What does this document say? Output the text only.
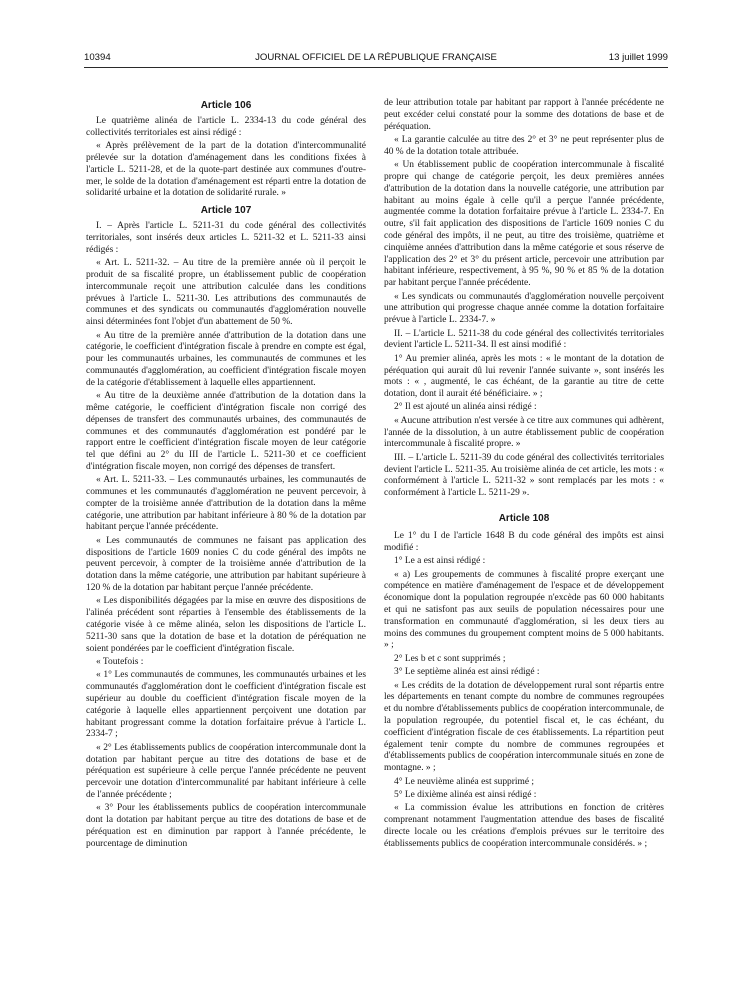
10394	JOURNAL OFFICIEL DE LA RÉPUBLIQUE FRANÇAISE	13 juillet 1999
Article 106

Le quatrième alinéa de l'article L. 2334-13 du code général des collectivités territoriales est ainsi rédigé :

« Après prélèvement de la part de la dotation d'intercommunalité prélevée sur la dotation d'aménagement dans les conditions fixées à l'article L. 5211-28, et de la quote-part destinée aux communes d'outre-mer, le solde de la dotation d'aménagement est réparti entre la dotation de solidarité urbaine et la dotation de solidarité rurale. »

Article 107

I. – Après l'article L. 5211-31 du code général des collectivités territoriales, sont insérés deux articles L. 5211-32 et L. 5211-33 ainsi rédigés :

« Art. L. 5211-32. – Au titre de la première année où il perçoit le produit de sa fiscalité propre, un établissement public de coopération intercommunale reçoit une attribution calculée dans les conditions prévues à l'article L. 5211-30. Les attributions des communautés de communes et des syndicats ou communautés d'agglomération nouvelle ainsi déterminées font l'objet d'un abattement de 50 %.

« Au titre de la première année d'attribution de la dotation dans une catégorie, le coefficient d'intégration fiscale à prendre en compte est égal, pour les communautés urbaines, les communautés de communes et les communautés d'agglomération, au coefficient d'intégration fiscale moyen de la catégorie d'établissement à laquelle elles appartiennent.

« Au titre de la deuxième année d'attribution de la dotation dans la même catégorie, le coefficient d'intégration fiscale non corrigé des dépenses de transfert des communautés urbaines, des communautés de communes et des communautés d'agglomération est pondéré par le rapport entre le coefficient d'intégration fiscale moyen de leur catégorie tel que défini au 2° du III de l'article L. 5211-30 et ce coefficient d'intégration fiscale moyen, non corrigé des dépenses de transfert.

« Art. L. 5211-33. – Les communautés urbaines, les communautés de communes et les communautés d'agglomération ne peuvent percevoir, à compter de la troisième année d'attribution de la dotation dans la même catégorie, une attribution par habitant inférieure à 80 % de la dotation par habitant perçue l'année précédente.

« Les communautés de communes ne faisant pas application des dispositions de l'article 1609 nonies C du code général des impôts ne peuvent percevoir, à compter de la troisième année d'attribution de la dotation dans la même catégorie, une attribution par habitant supérieure à 120 % de la dotation par habitant perçue l'année précédente.

« Les disponibilités dégagées par la mise en œuvre des dispositions de l'alinéa précédent sont réparties à l'ensemble des établissements de la catégorie visée à ce même alinéa, selon les dispositions de l'article L. 5211-30 sans que la dotation de base et la dotation de péréquation ne soient pondérées par le coefficient d'intégration fiscale.

« Toutefois :

« 1° Les communautés de communes, les communautés urbaines et les communautés d'agglomération dont le coefficient d'intégration fiscale est supérieur au double du coefficient d'intégration fiscale moyen de la catégorie à laquelle elles appartiennent perçoivent une dotation par habitant progressant comme la dotation forfaitaire prévue à l'article L. 2334-7 ;

« 2° Les établissements publics de coopération intercommunale dont la dotation par habitant perçue au titre des dotations de base et de péréquation est supérieure à celle perçue l'année précédente ne peuvent percevoir une dotation d'intercommunalité par habitant inférieure à celle de l'année précédente ;

« 3° Pour les établissements publics de coopération intercommunale dont la dotation par habitant perçue au titre des dotations de base et de péréquation est en diminution par rapport à l'année précédente, le pourcentage de diminution

de leur attribution totale par habitant par rapport à l'année précédente ne peut excéder celui constaté pour la somme des dotations de base et de péréquation.

« La garantie calculée au titre des 2° et 3° ne peut représenter plus de 40 % de la dotation totale attribuée.

« Un établissement public de coopération intercommunale à fiscalité propre qui change de catégorie perçoit, les deux premières années d'attribution de la dotation dans la nouvelle catégorie, une attribution par habitant au moins égale à celle qu'il a perçue l'année précédente, augmentée comme la dotation forfaitaire prévue à l'article L. 2334-7. En outre, s'il fait application des dispositions de l'article 1609 nonies C du code général des impôts, il ne peut, au titre des troisième, quatrième et cinquième années d'attribution dans la même catégorie et sous réserve de l'application des 2° et 3° du présent article, percevoir une attribution par habitant inférieure, respectivement, à 95 %, 90 % et 85 % de la dotation par habitant perçue l'année précédente.

« Les syndicats ou communautés d'agglomération nouvelle perçoivent une attribution qui progresse chaque année comme la dotation forfaitaire prévue à l'article L. 2334-7. »

II. – L'article L. 5211-38 du code général des collectivités territoriales devient l'article L. 5211-34. Il est ainsi modifié :

1° Au premier alinéa, après les mots : « le montant de la dotation de péréquation qui aurait dû lui revenir l'année suivante », sont insérés les mots : « , augmenté, le cas échéant, de la garantie au titre de cette dotation, dont il aurait été bénéficiaire. » ;

2° Il est ajouté un alinéa ainsi rédigé :

« Aucune attribution n'est versée à ce titre aux communes qui adhèrent, l'année de la dissolution, à un autre établissement public de coopération intercommunale à fiscalité propre. »

III. – L'article L. 5211-39 du code général des collectivités territoriales devient l'article L. 5211-35. Au troisième alinéa de cet article, les mots : « conformément à l'article L. 5211-32 » sont remplacés par les mots : « conformément à l'article L. 5211-29 ».

Article 108

Le 1° du I de l'article 1648 B du code général des impôts est ainsi modifié :

1° Le a est ainsi rédigé :

« a) Les groupements de communes à fiscalité propre exerçant une compétence en matière d'aménagement de l'espace et de développement économique dont la population regroupée n'excède pas 60 000 habitants et qui ne satisfont pas aux seuils de population nécessaires pour une transformation en communauté d'agglomération, si les deux tiers au moins des communes du groupement comptent moins de 5 000 habitants. » ;

2° Les b et c sont supprimés ;

3° Le septième alinéa est ainsi rédigé :

« Les crédits de la dotation de développement rural sont répartis entre les départements en tenant compte du nombre de communes regroupées et du nombre d'établissements publics de coopération intercommunale, de la population regroupée, du potentiel fiscal et, le cas échéant, du coefficient d'intégration fiscale de ces établissements. La répartition peut également tenir compte du nombre de communes regroupées et d'établissements publics de coopération intercommunale situés en zone de montagne. » ;

4° Le neuvième alinéa est supprimé ;

5° Le dixième alinéa est ainsi rédigé :

« La commission évalue les attributions en fonction de critères comprenant notamment l'augmentation attendue des bases de fiscalité directe locale ou les créations d'emplois prévues sur le territoire des établissements publics de coopération intercommunale considérés. » ;
